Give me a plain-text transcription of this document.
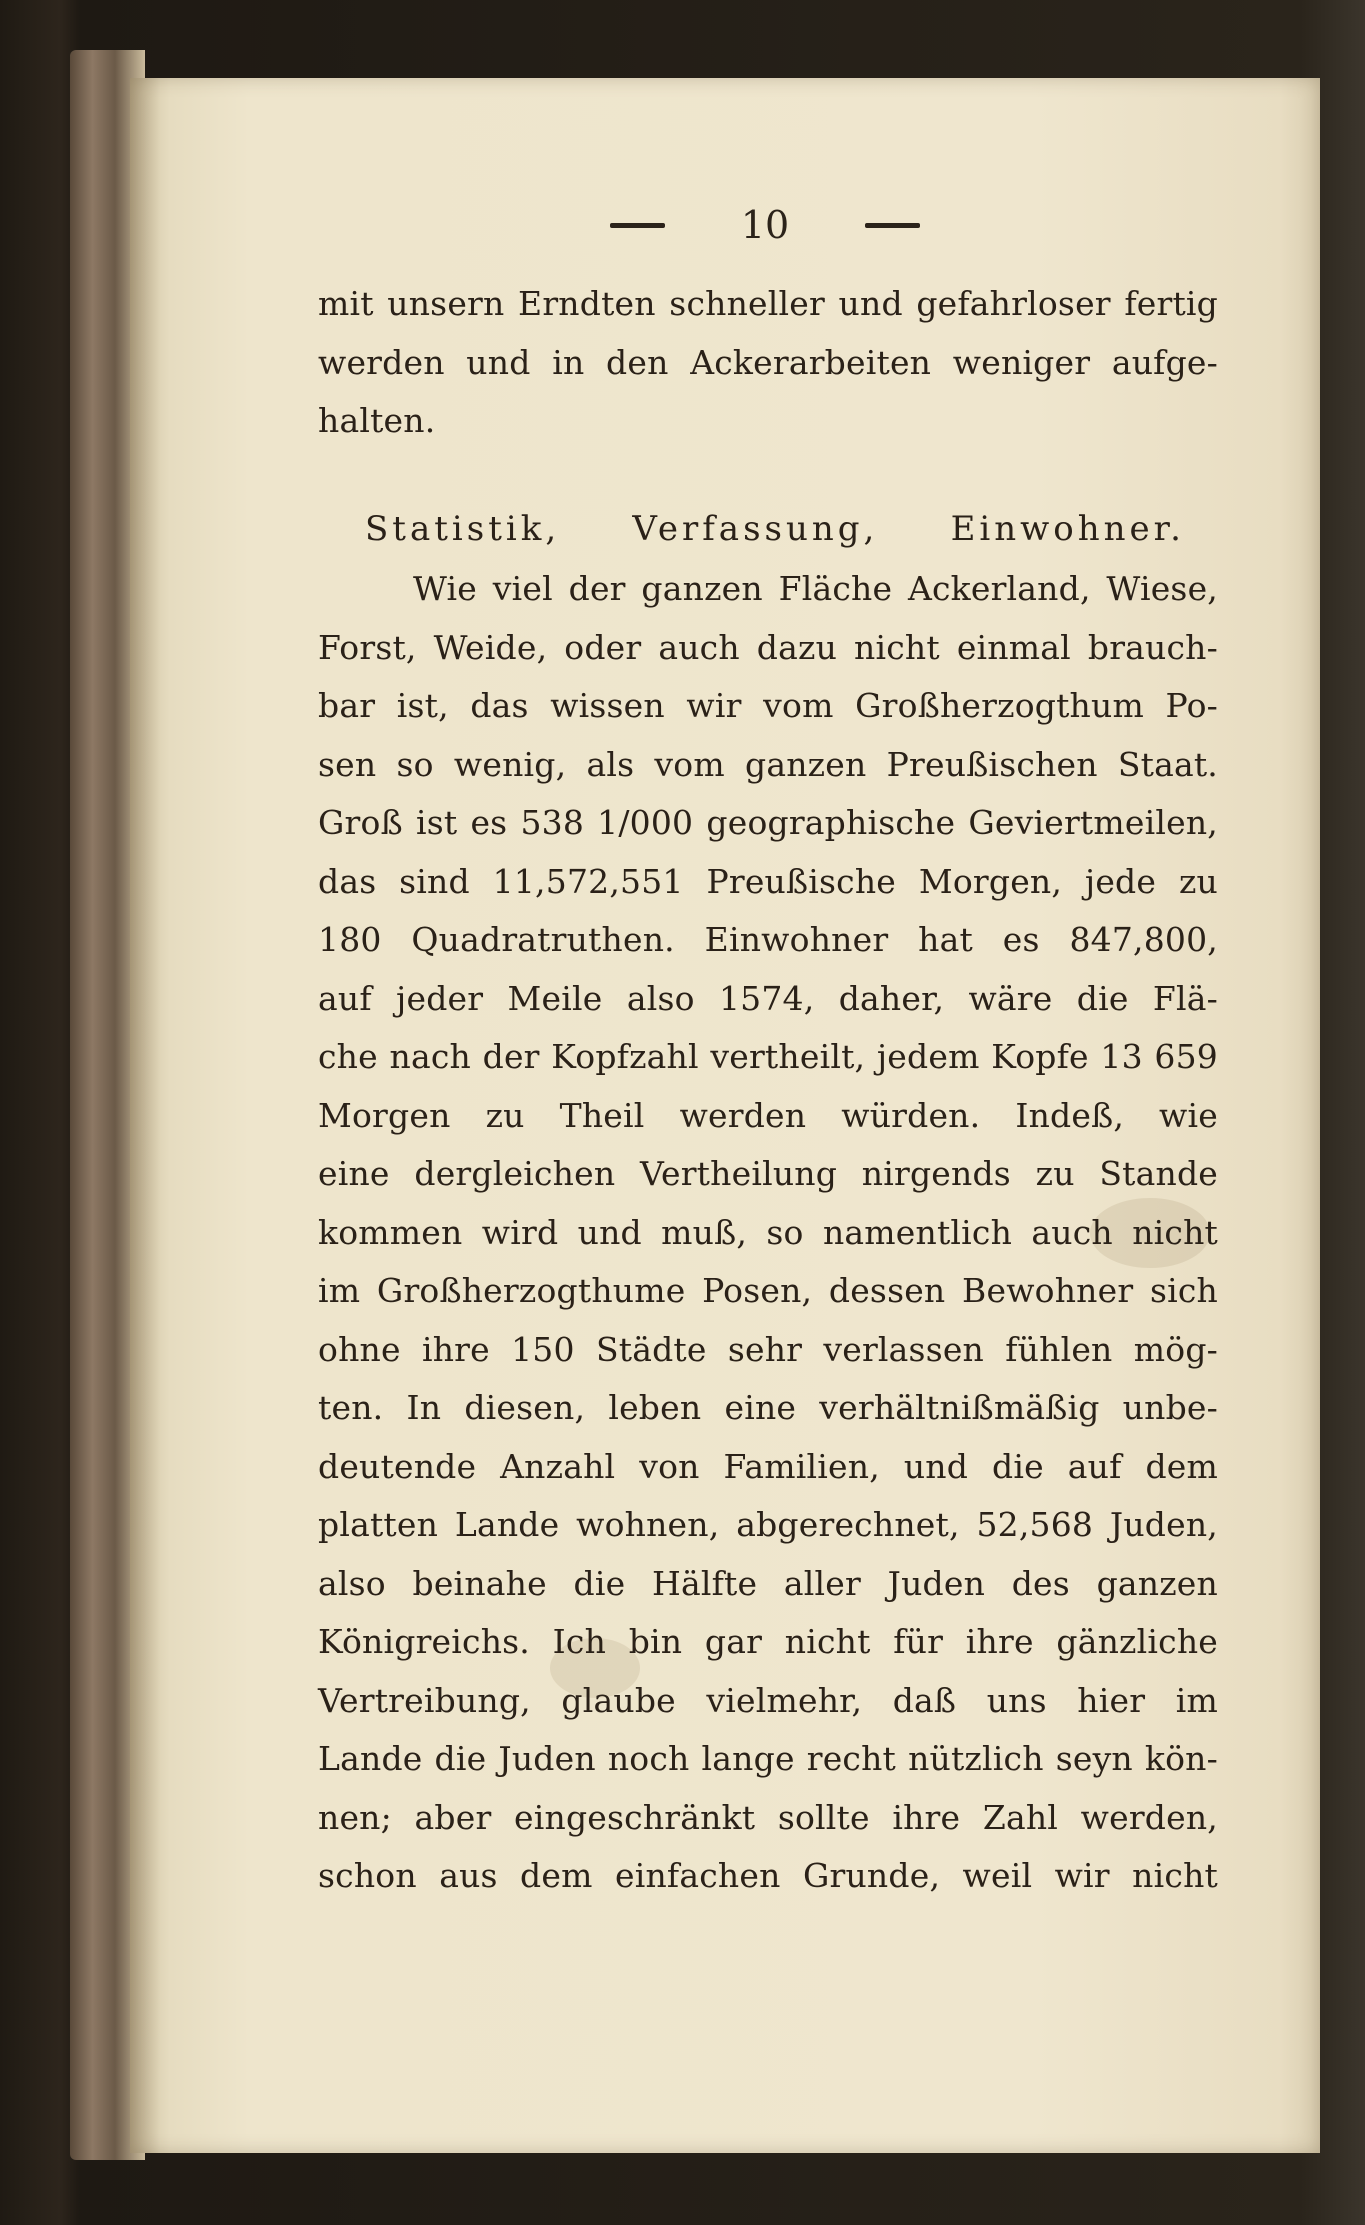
10
mit unsern Erndten schneller und gefahrloser fertig
werden und in den Ackerarbeiten weniger aufge-
halten.
Statistik, Verfassung, Einwohner.
Wie viel der ganzen Fläche Ackerland, Wiese,
Forst, Weide, oder auch dazu nicht einmal brauch-
bar ist, das wissen wir vom Großherzogthum Po-
sen so wenig, als vom ganzen Preußischen Staat.
Groß ist es 538 1/000 geographische Geviertmeilen,
das sind 11,572,551 Preußische Morgen, jede zu
180 Quadratruthen. Einwohner hat es 847,800,
auf jeder Meile also 1574, daher, wäre die Flä-
che nach der Kopfzahl vertheilt, jedem Kopfe 13 659
Morgen zu Theil werden würden. Indeß, wie
eine dergleichen Vertheilung nirgends zu Stande
kommen wird und muß, so namentlich auch nicht
im Großherzogthume Posen, dessen Bewohner sich
ohne ihre 150 Städte sehr verlassen fühlen mög-
ten. In diesen, leben eine verhältnißmäßig unbe-
deutende Anzahl von Familien, und die auf dem
platten Lande wohnen, abgerechnet, 52,568 Juden,
also beinahe die Hälfte aller Juden des ganzen
Königreichs. Ich bin gar nicht für ihre gänzliche
Vertreibung, glaube vielmehr, daß uns hier im
Lande die Juden noch lange recht nützlich seyn kön-
nen; aber eingeschränkt sollte ihre Zahl werden,
schon aus dem einfachen Grunde, weil wir nicht
